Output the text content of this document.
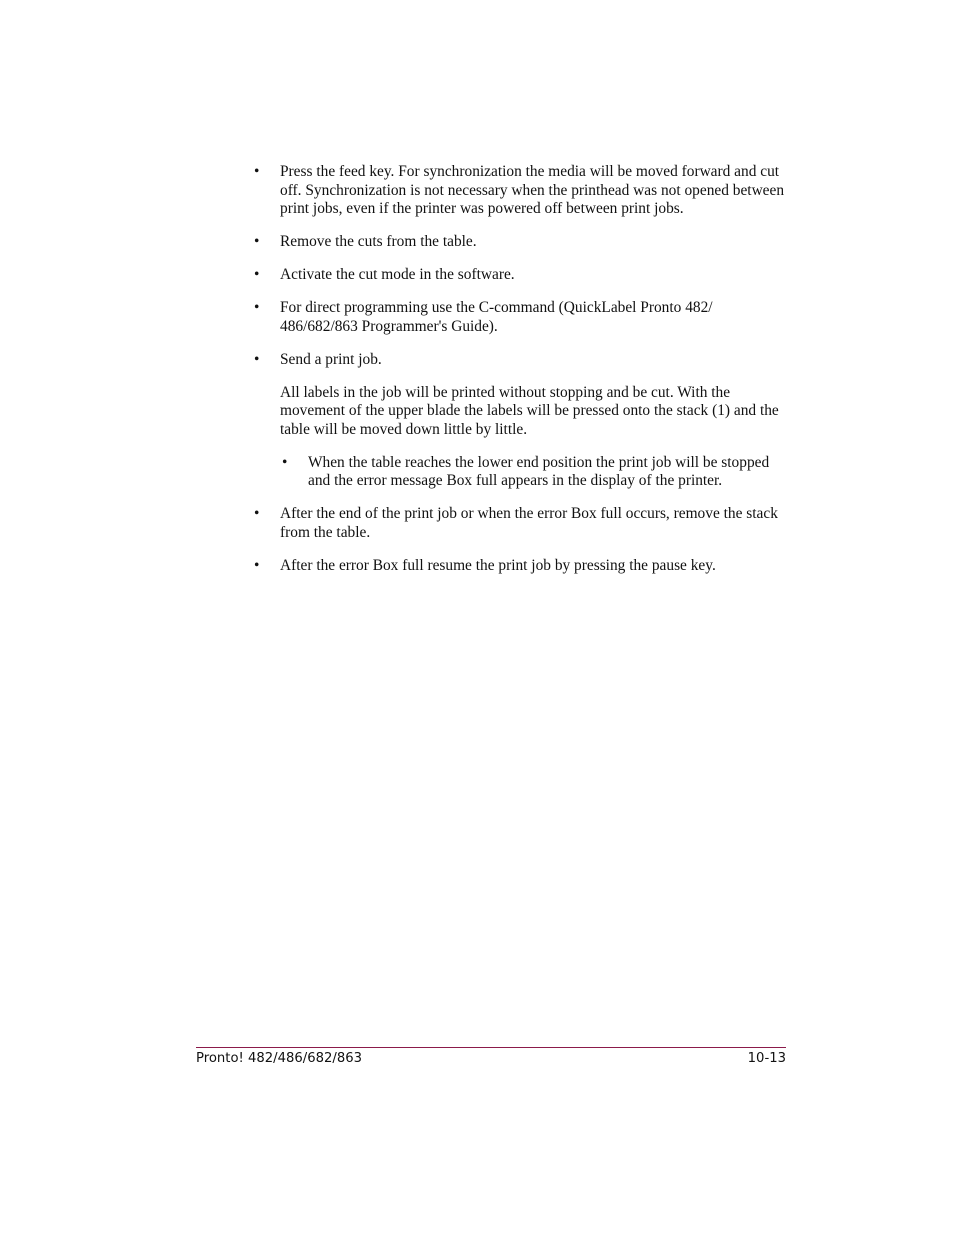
•	Press the feed key. For synchronization the media will be moved forward and cut off. Synchronization is not necessary when the printhead was not opened between print jobs, even if the printer was powered off between print jobs.
•	Remove the cuts from the table.
•	Activate the cut mode in the software.
•	For direct programming use the C-command (QuickLabel Pronto 482/ 486/682/863 Programmer's Guide).
•	Send a print job.

All labels in the job will be printed without stopping and be cut. With the movement of the upper blade the labels will be pressed onto the stack (1) and the table will be moved down little by little.

•	When the table reaches the lower end position the print job will be stopped and the error message Box full appears in the display of the printer.
•	After the end of the print job or when the error Box full occurs, remove the stack from the table.
•	After the error Box full resume the print job by pressing the pause key.
Pronto! 482/486/682/863	10-13
